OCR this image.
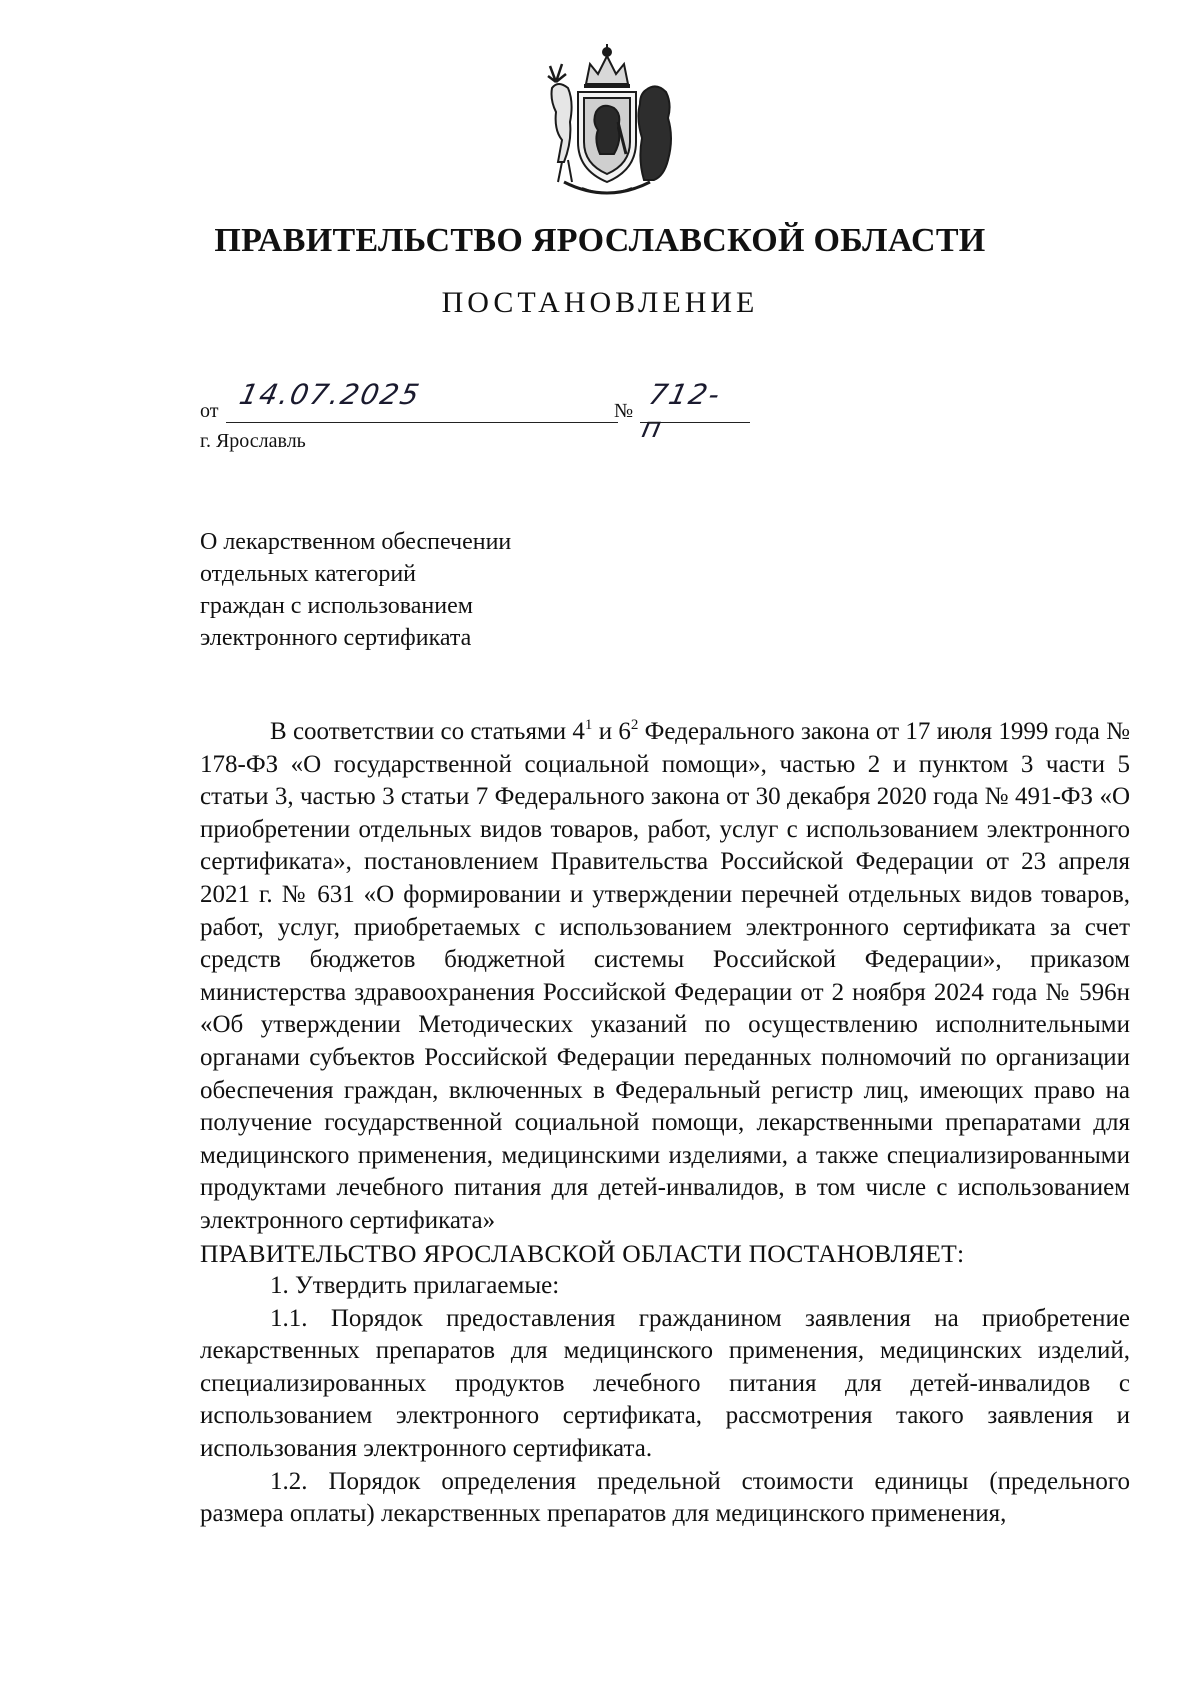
ПРАВИТЕЛЬСТВО ЯРОСЛАВСКОЙ ОБЛАСТИ
ПОСТАНОВЛЕНИЕ
от 14.07.2025	№ 712-п
г. Ярославль
О лекарственном обеспечении
отдельных категорий
граждан с использованием
электронного сертификата

В соответствии со статьями $4^1$ и $6^2$ Федерального закона от 17 июля 1999 года № 178-ФЗ «О государственной социальной помощи», частью 2 и пунктом 3 части 5 статьи 3, частью 3 статьи 7 Федерального закона от 30 декабря 2020 года № 491-ФЗ «О приобретении отдельных видов товаров, работ, услуг с использованием электронного сертификата», постановлением Правительства Российской Федерации от 23 апреля 2021 г. № 631 «О формировании и утверждении перечней отдельных видов товаров, работ, услуг, приобретаемых с использованием электронного сертификата за счет средств бюджетов бюджетной системы Российской Федерации», приказом министерства здравоохранения Российской Федерации от 2 ноября 2024 года № 596н «Об утверждении Методических указаний по осуществлению исполнительными органами субъектов Российской Федерации переданных полномочий по организации обеспечения граждан, включенных в Федеральный регистр лиц, имеющих право на получение государственной социальной помощи, лекарственными препаратами для медицинского применения, медицинскими изделиями, а также специализированными продуктами лечебного питания для детей-инвалидов, в том числе с использованием электронного сертификата»

ПРАВИТЕЛЬСТВО ЯРОСЛАВСКОЙ ОБЛАСТИ ПОСТАНОВЛЯЕТ:

1. Утвердить прилагаемые:

1.1. Порядок предоставления гражданином заявления на приобретение лекарственных препаратов для медицинского применения, медицинских изделий, специализированных продуктов лечебного питания для детей-инвалидов с использованием электронного сертификата, рассмотрения такого заявления и использования электронного сертификата.

1.2. Порядок определения предельной стоимости единицы (предельного размера оплаты) лекарственных препаратов для медицинского применения,
